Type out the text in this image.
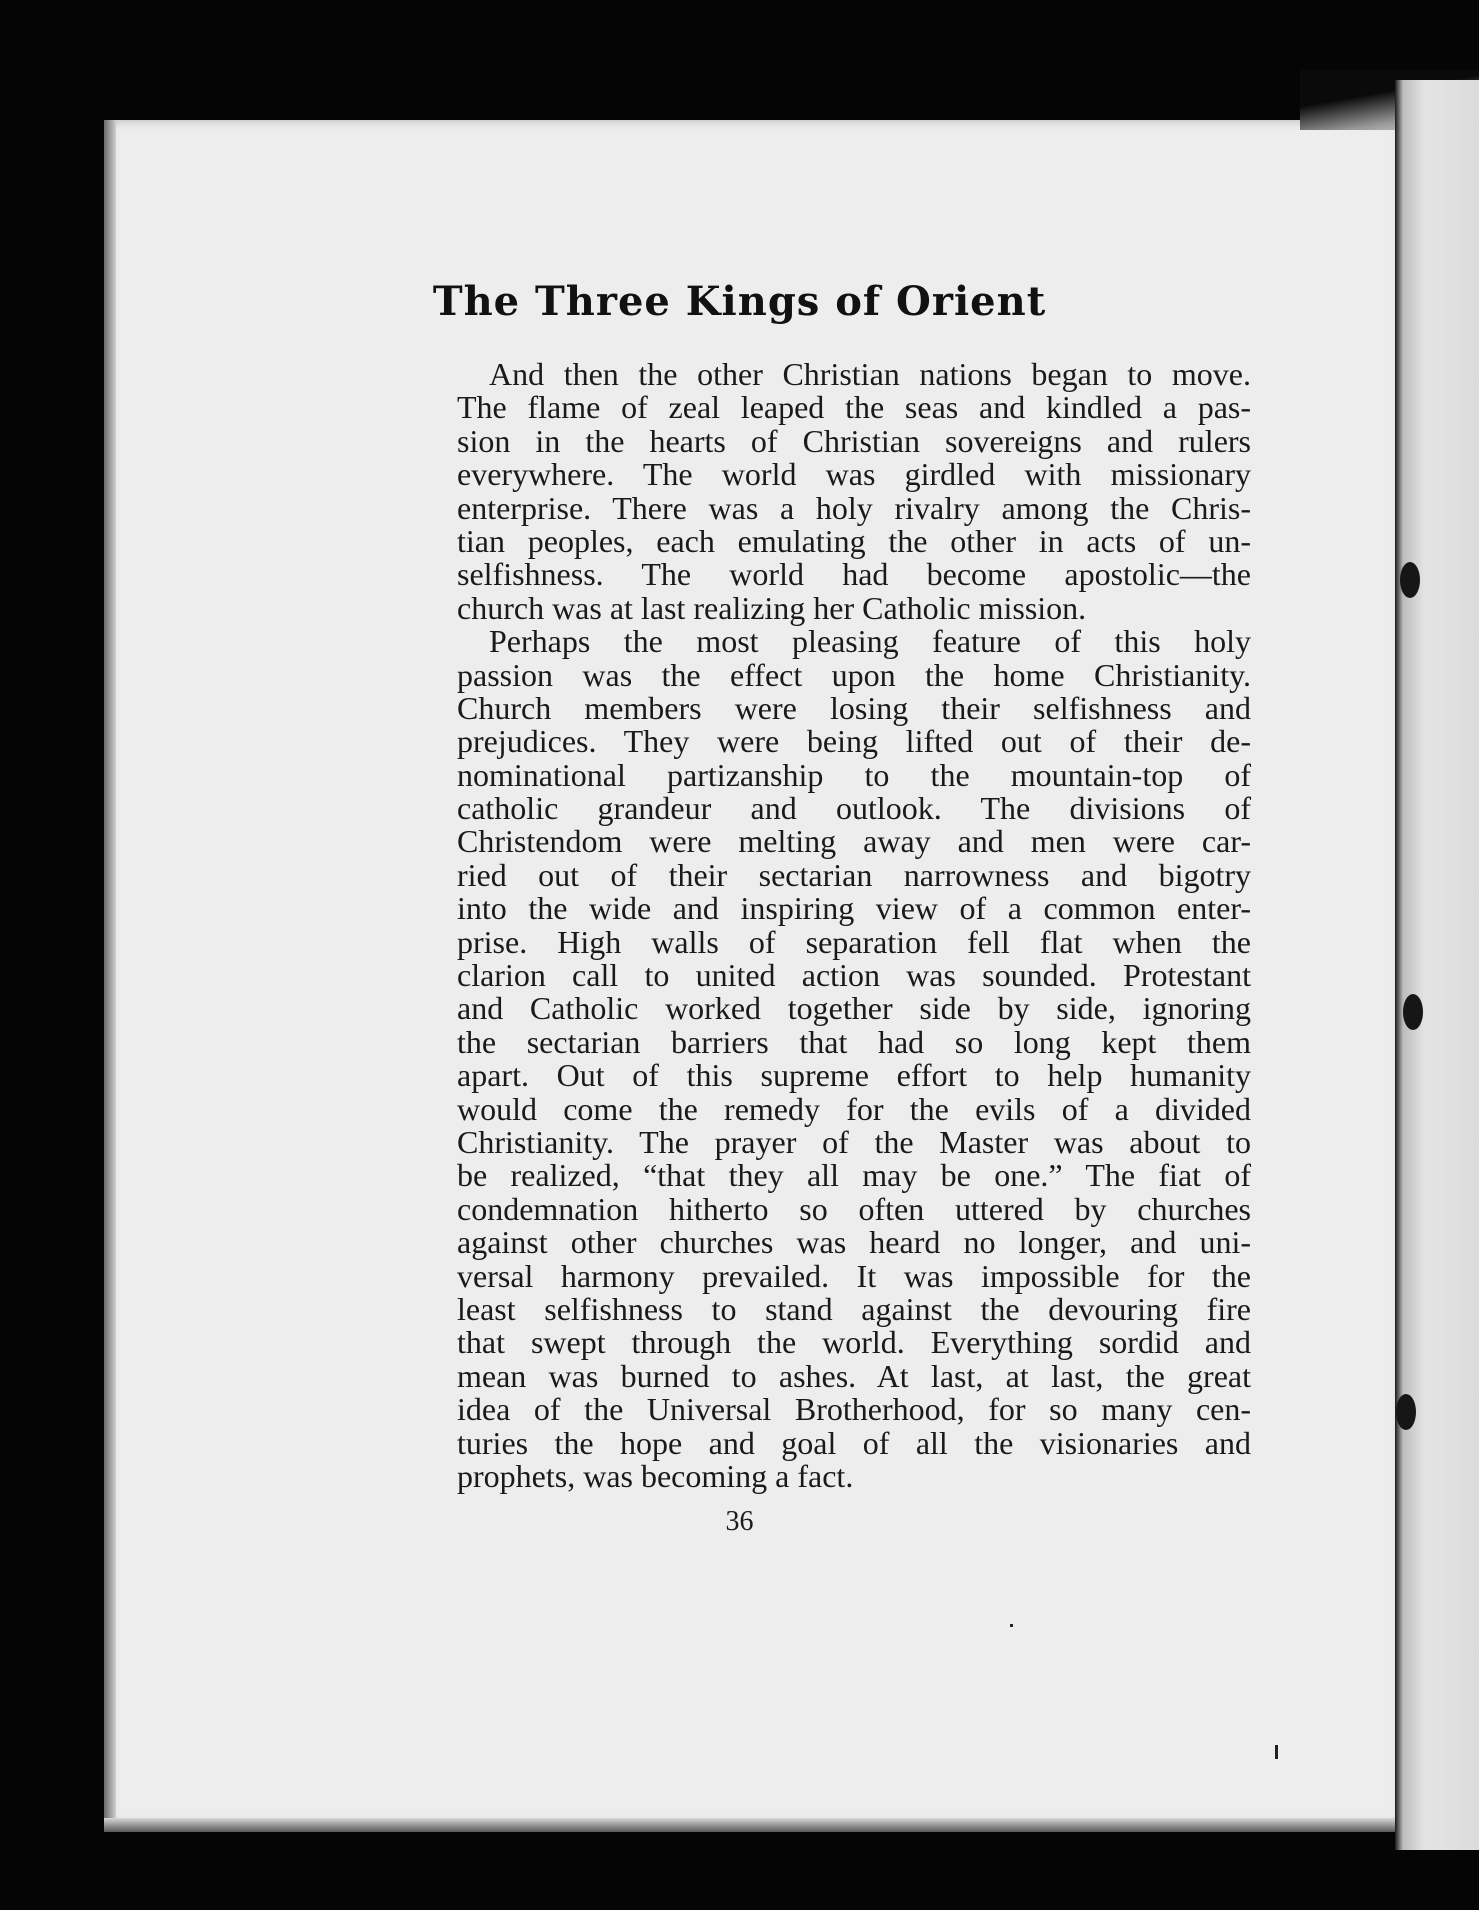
The Three Kings of Orient
And then the other Christian nations began to move.
The flame of zeal leaped the seas and kindled a pas-
sion in the hearts of Christian sovereigns and rulers
everywhere. The world was girdled with missionary
enterprise. There was a holy rivalry among the Chris-
tian peoples, each emulating the other in acts of un-
selfishness. The world had become apostolic—the
church was at last realizing her Catholic mission.
Perhaps the most pleasing feature of this holy
passion was the effect upon the home Christianity.
Church members were losing their selfishness and
prejudices. They were being lifted out of their de-
nominational partizanship to the mountain-top of
catholic grandeur and outlook. The divisions of
Christendom were melting away and men were car-
ried out of their sectarian narrowness and bigotry
into the wide and inspiring view of a common enter-
prise. High walls of separation fell flat when the
clarion call to united action was sounded. Protestant
and Catholic worked together side by side, ignoring
the sectarian barriers that had so long kept them
apart. Out of this supreme effort to help humanity
would come the remedy for the evils of a divided
Christianity. The prayer of the Master was about to
be realized, “that they all may be one.” The fiat of
condemnation hitherto so often uttered by churches
against other churches was heard no longer, and uni-
versal harmony prevailed. It was impossible for the
least selfishness to stand against the devouring fire
that swept through the world. Everything sordid and
mean was burned to ashes. At last, at last, the great
idea of the Universal Brotherhood, for so many cen-
turies the hope and goal of all the visionaries and
prophets, was becoming a fact.
36
